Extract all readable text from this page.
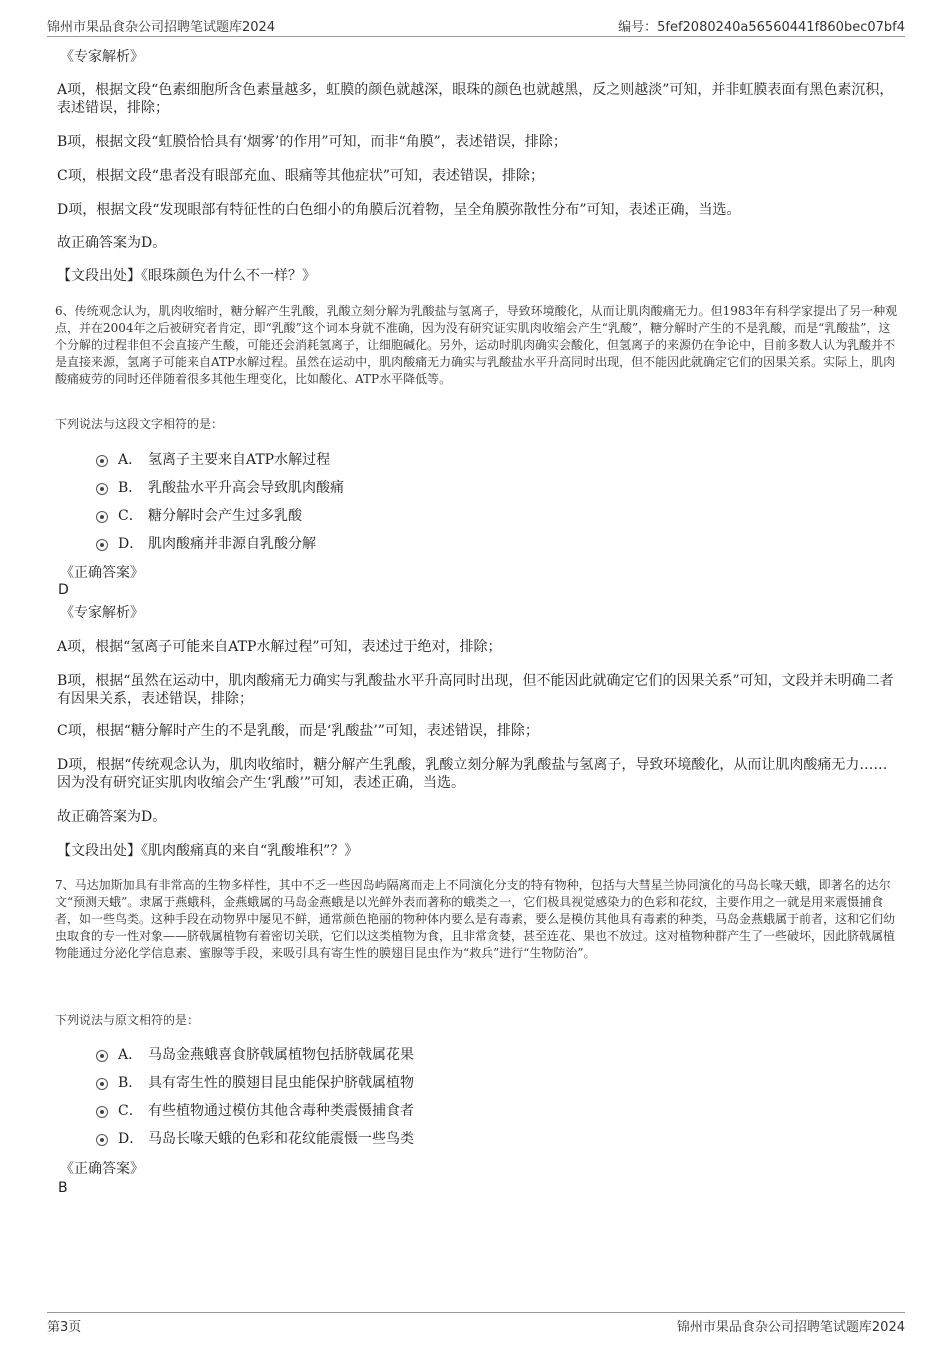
锦州市果品食杂公司招聘笔试题库2024	编号：5fef2080240a56560441f860bec07bf4
《专家解析》
A项，根据文段“色素细胞所含色素量越多，虹膜的颜色就越深，眼珠的颜色也就越黑，反之则越淡”可知，并非虹膜表面有黑色素沉积，表述错误，排除；
B项，根据文段“虹膜恰恰具有‘烟雾’的作用”可知，而非“角膜”，表述错误，排除；
C项，根据文段“患者没有眼部充血、眼痛等其他症状”可知，表述错误，排除；
D项，根据文段“发现眼部有特征性的白色细小的角膜后沉着物，呈全角膜弥散性分布”可知，表述正确，当选。
故正确答案为D。
【文段出处】《眼珠颜色为什么不一样？》
6、传统观念认为，肌肉收缩时，糖分解产生乳酸，乳酸立刻分解为乳酸盐与氢离子，导致环境酸化，从而让肌肉酸痛无力。但1983年有科学家提出了另一种观点，并在2004年之后被研究者肯定，即“乳酸”这个词本身就不准确，因为没有研究证实肌肉收缩会产生“乳酸”，糖分解时产生的不是乳酸，而是“乳酸盐”，这个分解的过程非但不会直接产生酸，可能还会消耗氢离子，让细胞碱化。另外，运动时肌肉确实会酸化，但氢离子的来源仍在争论中，目前多数人认为乳酸并不是直接来源，氢离子可能来自ATP水解过程。虽然在运动中，肌肉酸痛无力确实与乳酸盐水平升高同时出现，但不能因此就确定它们的因果关系。实际上，肌肉酸痛疲劳的同时还伴随着很多其他生理变化，比如酸化、ATP水平降低等。
下列说法与这段文字相符的是：
A． 氢离子主要来自ATP水解过程
B． 乳酸盐水平升高会导致肌肉酸痛
C． 糖分解时会产生过多乳酸
D． 肌肉酸痛并非源自乳酸分解
《正确答案》
D
《专家解析》
A项，根据“氢离子可能来自ATP水解过程”可知，表述过于绝对，排除；
B项，根据“虽然在运动中，肌肉酸痛无力确实与乳酸盐水平升高同时出现，但不能因此就确定它们的因果关系”可知，文段并未明确二者有因果关系，表述错误，排除；
C项，根据“糖分解时产生的不是乳酸，而是‘乳酸盐’”可知，表述错误，排除；
D项，根据“传统观念认为，肌肉收缩时，糖分解产生乳酸，乳酸立刻分解为乳酸盐与氢离子，导致环境酸化，从而让肌肉酸痛无力……因为没有研究证实肌肉收缩会产生‘乳酸’”可知，表述正确，当选。
故正确答案为D。
【文段出处】《肌肉酸痛真的来自“乳酸堆积”？》
7、马达加斯加具有非常高的生物多样性，其中不乏一些因岛屿隔离而走上不同演化分支的特有物种，包括与大彗星兰协同演化的马岛长喙天蛾，即著名的达尔文“预测天蛾”。隶属于燕蛾科，金燕蛾属的马岛金燕蛾是以光鲜外表而著称的蛾类之一，它们极具视觉感染力的色彩和花纹，主要作用之一就是用来震慑捕食者，如一些鸟类。这种手段在动物界中屡见不鲜，通常颜色艳丽的物种体内要么是有毒素，要么是模仿其他具有毒素的种类，马岛金燕蛾属于前者，这和它们幼虫取食的专一性对象——脐戟属植物有着密切关联，它们以这类植物为食，且非常贪婪，甚至连花、果也不放过。这对植物种群产生了一些破坏，因此脐戟属植物能通过分泌化学信息素、蜜腺等手段，来吸引具有寄生性的膜翅目昆虫作为“救兵”进行“生物防治”。
下列说法与原文相符的是：
A． 马岛金燕蛾喜食脐戟属植物包括脐戟属花果
B． 具有寄生性的膜翅目昆虫能保护脐戟属植物
C． 有些植物通过模仿其他含毒种类震慑捕食者
D． 马岛长喙天蛾的色彩和花纹能震慑一些鸟类
《正确答案》
B
第3页	锦州市果品食杂公司招聘笔试题库2024
